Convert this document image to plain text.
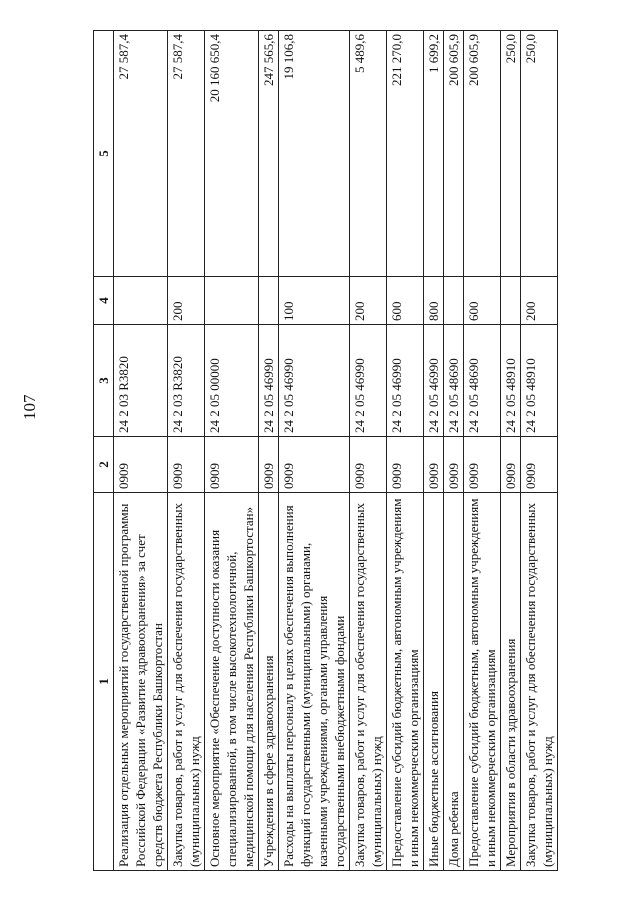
107
1	2	3	4	5
Реализация отдельных мероприятий государственной программы Российской Федерации «Развитие здравоохранения» за счет средств бюджета Республики Башкортостан	0909	24 2 03 R3820		27 587,4
Закупка товаров, работ и услуг для обеспечения государственных (муниципальных) нужд	0909	24 2 03 R3820	200	27 587,4
Основное мероприятие «Обеспечение доступности оказания специализированной, в том числе высокотехнологичной, медицинской помощи для населения Республики Башкортостан»	0909	24 2 05 00000		20 160 650,4
Учреждения в сфере здравоохранения	0909	24 2 05 46990		247 565,6
Расходы на выплаты персоналу в целях обеспечения выполнения функций государственными (муниципальными) органами, казенными учреждениями, органами управления государственными внебюджетными фондами	0909	24 2 05 46990	100	19 106,8
Закупка товаров, работ и услуг для обеспечения государственных (муниципальных) нужд	0909	24 2 05 46990	200	5 489,6
Предоставление субсидий бюджетным, автономным учреждениям и иным некоммерческим организациям	0909	24 2 05 46990	600	221 270,0
Иные бюджетные ассигнования	0909	24 2 05 46990	800	1 699,2
Дома ребенка	0909	24 2 05 48690		200 605,9
Предоставление субсидий бюджетным, автономным учреждениям и иным некоммерческим организациям	0909	24 2 05 48690	600	200 605,9
Мероприятия в области здравоохранения	0909	24 2 05 48910		250,0
Закупка товаров, работ и услуг для обеспечения государственных (муниципальных) нужд	0909	24 2 05 48910	200	250,0
